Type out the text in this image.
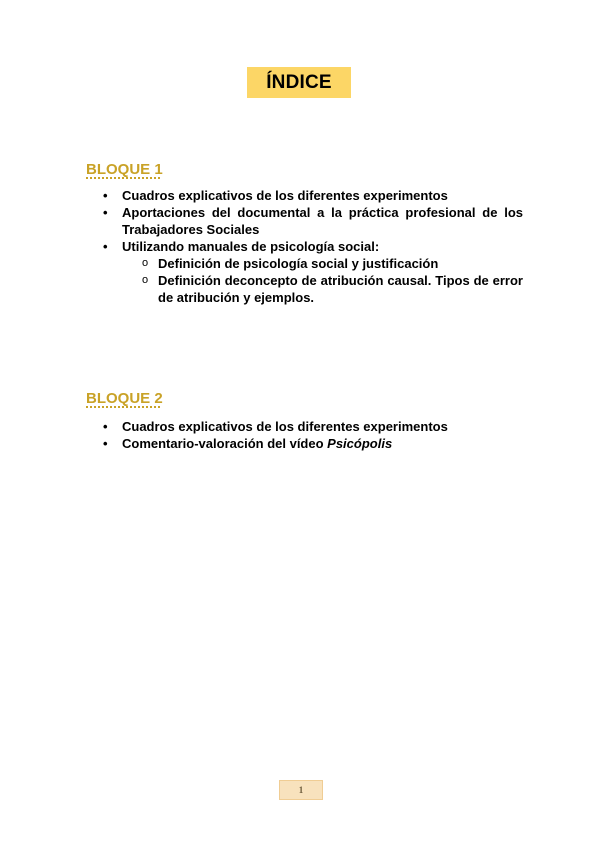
ÍNDICE
BLOQUE 1
• Cuadros explicativos de los diferentes experimentos
• Aportaciones del documental a la práctica profesional de los Trabajadores Sociales
• Utilizando manuales de psicología social:
o Definición de psicología social y justificación
o Definición deconcepto de atribución causal. Tipos de error de atribución y ejemplos.
BLOQUE 2
• Cuadros explicativos de los diferentes experimentos
• Comentario-valoración del vídeo Psicópolis
1
